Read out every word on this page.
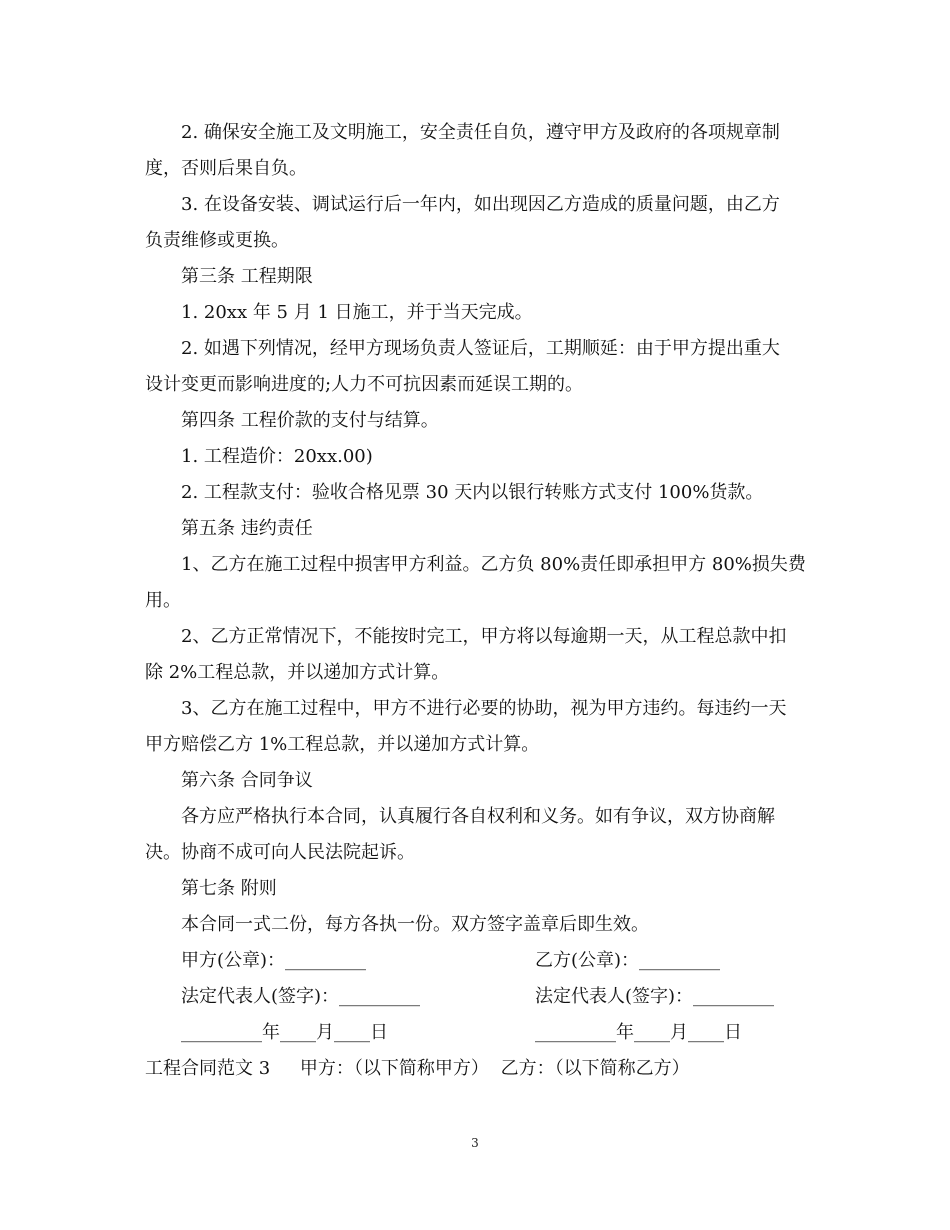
2. 确保安全施工及文明施工，安全责任自负，遵守甲方及政府的各项规章制

度，否则后果自负。

3. 在设备安装、调试运行后一年内，如出现因乙方造成的质量问题，由乙方

负责维修或更换。

第三条 工程期限

1. 20xx 年 5 月 1 日施工，并于当天完成。

2. 如遇下列情况，经甲方现场负责人签证后，工期顺延：由于甲方提出重大

设计变更而影响进度的;人力不可抗因素而延误工期的。

第四条 工程价款的支付与结算。

1. 工程造价：20xx.00)

2. 工程款支付：验收合格见票 30 天内以银行转账方式支付 100%货款。

第五条 违约责任

1、乙方在施工过程中损害甲方利益。乙方负 80%责任即承担甲方 80%损失费

用。

2、乙方正常情况下，不能按时完工，甲方将以每逾期一天，从工程总款中扣

除 2%工程总款，并以递加方式计算。

3、乙方在施工过程中，甲方不进行必要的协助，视为甲方违约。每违约一天

甲方赔偿乙方 1%工程总款，并以递加方式计算。

第六条 合同争议

各方应严格执行本合同，认真履行各自权利和义务。如有争议，双方协商解

决。协商不成可向人民法院起诉。

第七条 附则

本合同一式二份，每方各执一份。双方签字盖章后即生效。

甲方(公章)：_________	乙方(公章)：_________
法定代表人(签字)：_________	法定代表人(签字)：_________
_________年____月____日	_________年____月____日
工程合同范文 3 甲方：（以下简称甲方） 乙方：（以下简称乙方）
3
